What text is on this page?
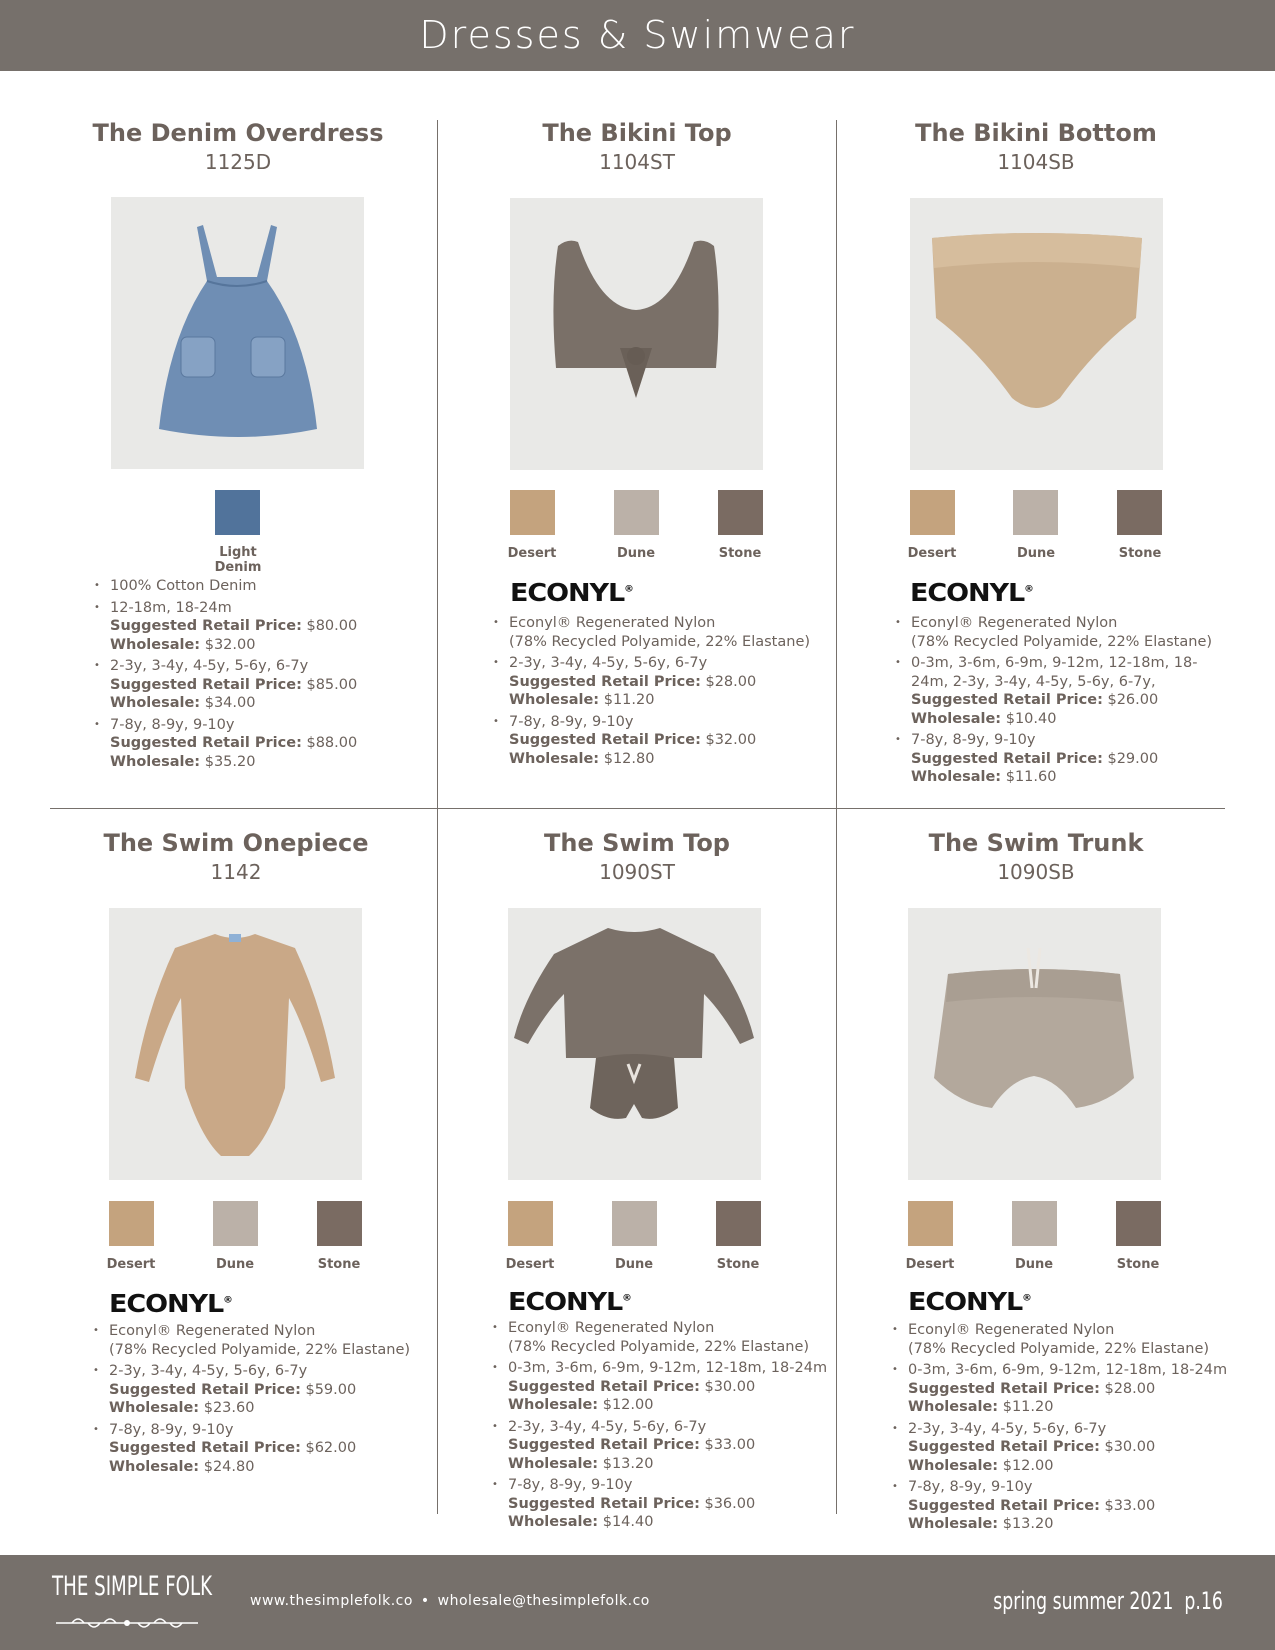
Dresses & Swimwear
The Denim Overdress
1125D
Light Denim
• 100% Cotton Denim
• 12-18m, 18-24m
Suggested Retail Price: $80.00
Wholesale: $32.00
• 2-3y, 3-4y, 4-5y, 5-6y, 6-7y
Suggested Retail Price: $85.00
Wholesale: $34.00
• 7-8y, 8-9y, 9-10y
Suggested Retail Price: $88.00
Wholesale: $35.20
The Bikini Top
1104ST
Desert	Dune	Stone
ECONYL®
• Econyl® Regenerated Nylon
(78% Recycled Polyamide, 22% Elastane)
• 2-3y, 3-4y, 4-5y, 5-6y, 6-7y
Suggested Retail Price: $28.00
Wholesale: $11.20
• 7-8y, 8-9y, 9-10y
Suggested Retail Price: $32.00
Wholesale: $12.80
The Bikini Bottom
1104SB
Desert	Dune	Stone
ECONYL®
• Econyl® Regenerated Nylon
(78% Recycled Polyamide, 22% Elastane)
• 0-3m, 3-6m, 6-9m, 9-12m, 12-18m, 18-24m, 2-3y, 3-4y, 4-5y, 5-6y, 6-7y,
Suggested Retail Price: $26.00
Wholesale: $10.40
• 7-8y, 8-9y, 9-10y
Suggested Retail Price: $29.00
Wholesale: $11.60
The Swim Onepiece
1142
Desert	Dune	Stone
ECONYL®
• Econyl® Regenerated Nylon
(78% Recycled Polyamide, 22% Elastane)
• 2-3y, 3-4y, 4-5y, 5-6y, 6-7y
Suggested Retail Price: $59.00
Wholesale: $23.60
• 7-8y, 8-9y, 9-10y
Suggested Retail Price: $62.00
Wholesale: $24.80
The Swim Top
1090ST
Desert	Dune	Stone
ECONYL®
• Econyl® Regenerated Nylon
(78% Recycled Polyamide, 22% Elastane)
• 0-3m, 3-6m, 6-9m, 9-12m, 12-18m, 18-24m
Suggested Retail Price: $30.00
Wholesale: $12.00
• 2-3y, 3-4y, 4-5y, 5-6y, 6-7y
Suggested Retail Price: $33.00
Wholesale: $13.20
• 7-8y, 8-9y, 9-10y
Suggested Retail Price: $36.00
Wholesale: $14.40
The Swim Trunk
1090SB
Desert	Dune	Stone
ECONYL®
• Econyl® Regenerated Nylon
(78% Recycled Polyamide, 22% Elastane)
• 0-3m, 3-6m, 6-9m, 9-12m, 12-18m, 18-24m
Suggested Retail Price: $28.00
Wholesale: $11.20
• 2-3y, 3-4y, 4-5y, 5-6y, 6-7y
Suggested Retail Price: $30.00
Wholesale: $12.00
• 7-8y, 8-9y, 9-10y
Suggested Retail Price: $33.00
Wholesale: $13.20
THE SIMPLE FOLK	www.thesimplefolk.co • wholesale@thesimplefolk.co	spring summer 2021 p.16
